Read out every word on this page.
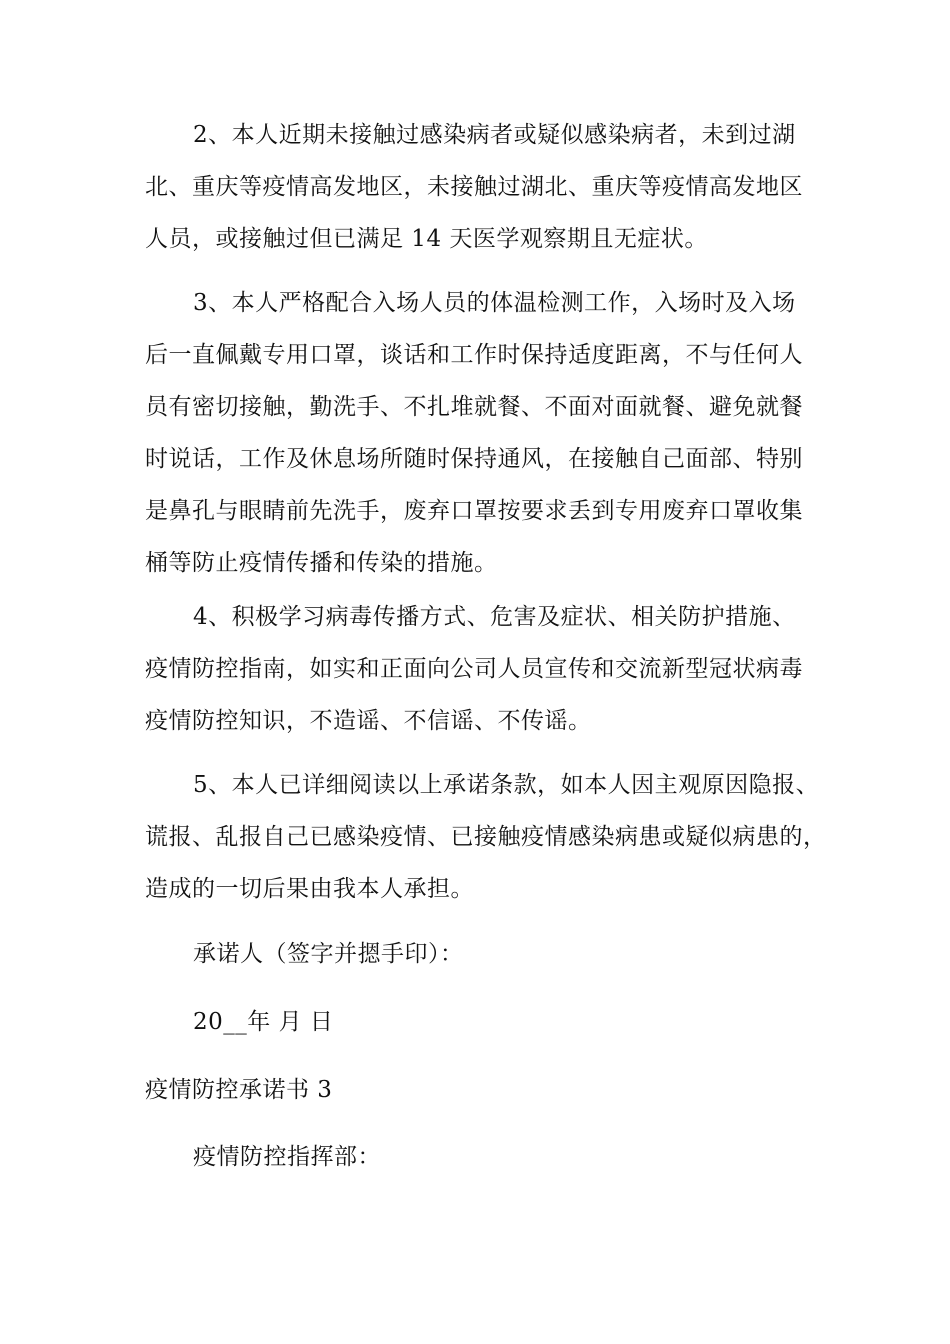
2、本人近期未接触过感染病者或疑似感染病者，未到过湖
北、重庆等疫情高发地区，未接触过湖北、重庆等疫情高发地区
人员，或接触过但已满足 14 天医学观察期且无症状。

3、本人严格配合入场人员的体温检测工作，入场时及入场
后一直佩戴专用口罩，谈话和工作时保持适度距离，不与任何人
员有密切接触，勤洗手、不扎堆就餐、不面对面就餐、避免就餐
时说话，工作及休息场所随时保持通风，在接触自己面部、特别
是鼻孔与眼睛前先洗手，废弃口罩按要求丢到专用废弃口罩收集
桶等防止疫情传播和传染的措施。

4、积极学习病毒传播方式、危害及症状、相关防护措施、
疫情防控指南，如实和正面向公司人员宣传和交流新型冠状病毒
疫情防控知识，不造谣、不信谣、不传谣。

5、本人已详细阅读以上承诺条款，如本人因主观原因隐报、
谎报、乱报自己已感染疫情、已接触疫情感染病患或疑似病患的，
造成的一切后果由我本人承担。

承诺人（签字并摁手印）：

20__年 月 日

疫情防控承诺书 3

疫情防控指挥部：
